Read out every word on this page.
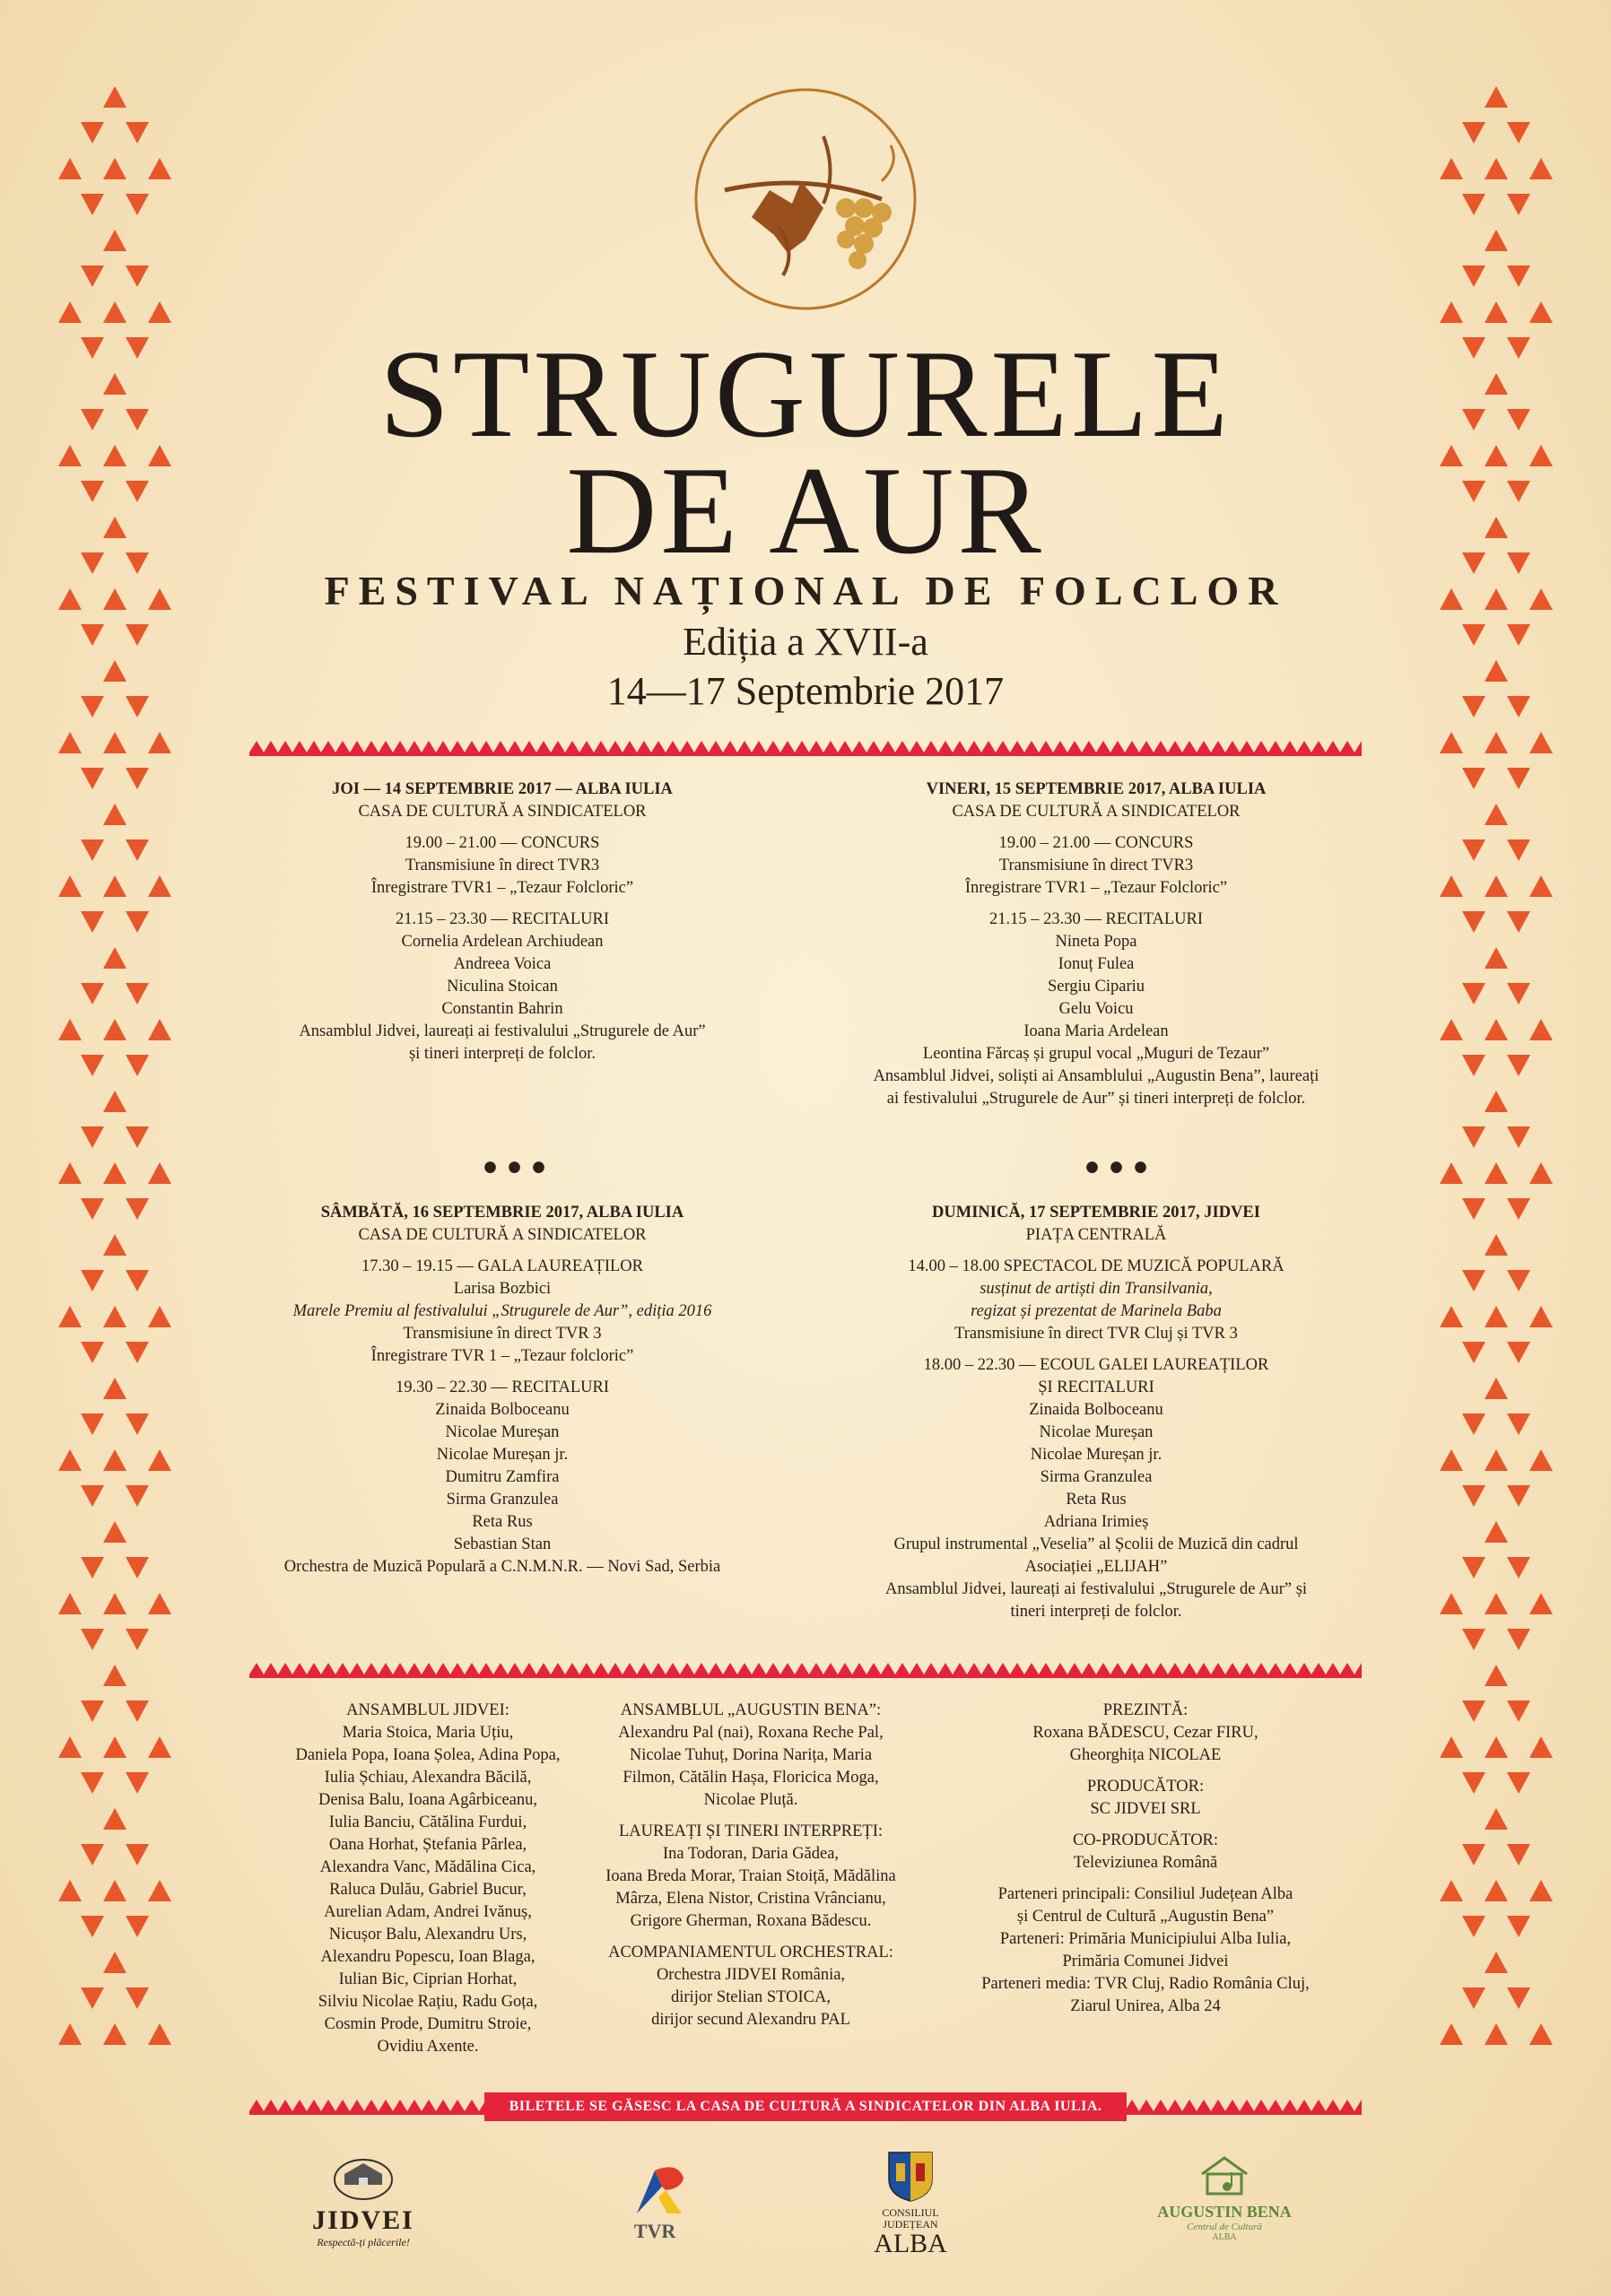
STRUGURELE
DE AUR
FESTIVAL NAȚIONAL DE FOLCLOR
Ediția a XVII-a
14—17 Septembrie 2017
JOI — 14 SEPTEMBRIE 2017 — ALBA IULIA
CASA DE CULTURĂ A SINDICATELOR
19.00 – 21.00 — CONCURS
Transmisiune în direct TVR3
Înregistrare TVR1 – „Tezaur Folcloric”
21.15 – 23.30 — RECITALURI
Cornelia Ardelean Archiudean
Andreea Voica
Niculina Stoican
Constantin Bahrin
Ansamblul Jidvei, laureați ai festivalului „Strugurele de Aur”
și tineri interpreți de folclor.
VINERI, 15 SEPTEMBRIE 2017, ALBA IULIA
CASA DE CULTURĂ A SINDICATELOR
19.00 – 21.00 — CONCURS
Transmisiune în direct TVR3
Înregistrare TVR1 – „Tezaur Folcloric”
21.15 – 23.30 — RECITALURI
Nineta Popa
Ionuț Fulea
Sergiu Cipariu
Gelu Voicu
Ioana Maria Ardelean
Leontina Fărcaș și grupul vocal „Muguri de Tezaur”
Ansamblul Jidvei, soliști ai Ansamblului „Augustin Bena”, laureați
ai festivalului „Strugurele de Aur” și tineri interpreți de folclor.
•••	•••
SÂMBĂTĂ, 16 SEPTEMBRIE 2017, ALBA IULIA
CASA DE CULTURĂ A SINDICATELOR
17.30 – 19.15 — GALA LAUREAȚILOR
Larisa Bozbici
Marele Premiu al festivalului „Strugurele de Aur”, ediția 2016
Transmisiune în direct TVR 3
Înregistrare TVR 1 – „Tezaur folcloric”
19.30 – 22.30 — RECITALURI
Zinaida Bolboceanu
Nicolae Mureșan
Nicolae Mureșan jr.
Dumitru Zamfira
Sirma Granzulea
Reta Rus
Sebastian Stan
Orchestra de Muzică Populară a C.N.M.N.R. — Novi Sad, Serbia
DUMINICĂ, 17 SEPTEMBRIE 2017, JIDVEI
PIAȚA CENTRALĂ
14.00 – 18.00 SPECTACOL DE MUZICĂ POPULARĂ
susținut de artiști din Transilvania,
regizat și prezentat de Marinela Baba
Transmisiune în direct TVR Cluj și TVR 3
18.00 – 22.30 — ECOUL GALEI LAUREAȚILOR
ȘI RECITALURI
Zinaida Bolboceanu
Nicolae Mureșan
Nicolae Mureșan jr.
Sirma Granzulea
Reta Rus
Adriana Irimieș
Grupul instrumental „Veselia” al Școlii de Muzică din cadrul
Asociației „ELIJAH”
Ansamblul Jidvei, laureați ai festivalului „Strugurele de Aur” și
tineri interpreți de folclor.
ANSAMBLUL JIDVEI:
Maria Stoica, Maria Uțiu,
Daniela Popa, Ioana Șolea, Adina Popa,
Iulia Șchiau, Alexandra Băcilă,
Denisa Balu, Ioana Agârbiceanu,
Iulia Banciu, Cătălina Furdui,
Oana Horhat, Ștefania Pârlea,
Alexandra Vanc, Mădălina Cica,
Raluca Dulău, Gabriel Bucur,
Aurelian Adam, Andrei Ivănuș,
Nicușor Balu, Alexandru Urs,
Alexandru Popescu, Ioan Blaga,
Iulian Bic, Ciprian Horhat,
Silviu Nicolae Rațiu, Radu Goța,
Cosmin Prode, Dumitru Stroie,
Ovidiu Axente.
ANSAMBLUL „AUGUSTIN BENA”:
Alexandru Pal (nai), Roxana Reche Pal,
Nicolae Tuhuț, Dorina Narița, Maria
Filmon, Cătălin Hașa, Floricica Moga,
Nicolae Pluță.
LAUREAȚI ȘI TINERI INTERPREȚI:
Ina Todoran, Daria Gădea,
Ioana Breda Morar, Traian Stoiță, Mădălina
Mârza, Elena Nistor, Cristina Vrâncianu,
Grigore Gherman, Roxana Bădescu.
ACOMPANIAMENTUL ORCHESTRAL:
Orchestra JIDVEI România,
dirijor Stelian STOICA,
dirijor secund Alexandru PAL
PREZINTĂ:
Roxana BĂDESCU, Cezar FIRU,
Gheorghița NICOLAE
PRODUCĂTOR:
SC JIDVEI SRL
CO-PRODUCĂTOR:
Televiziunea Română
Parteneri principali: Consiliul Județean Alba
și Centrul de Cultură „Augustin Bena”
Parteneri: Primăria Municipiului Alba Iulia,
Primăria Comunei Jidvei
Parteneri media: TVR Cluj, Radio România Cluj,
Ziarul Unirea, Alba 24
BILETELE SE GĂSESC LA CASA DE CULTURĂ A SINDICATELOR DIN ALBA IULIA.
JIDVEI
Respectă-ți plăcerile!	TVR
CONSILIUL
JUDEȚEAN
ALBA
AUGUSTIN BENA
Centrul de Cultură
ALBA
